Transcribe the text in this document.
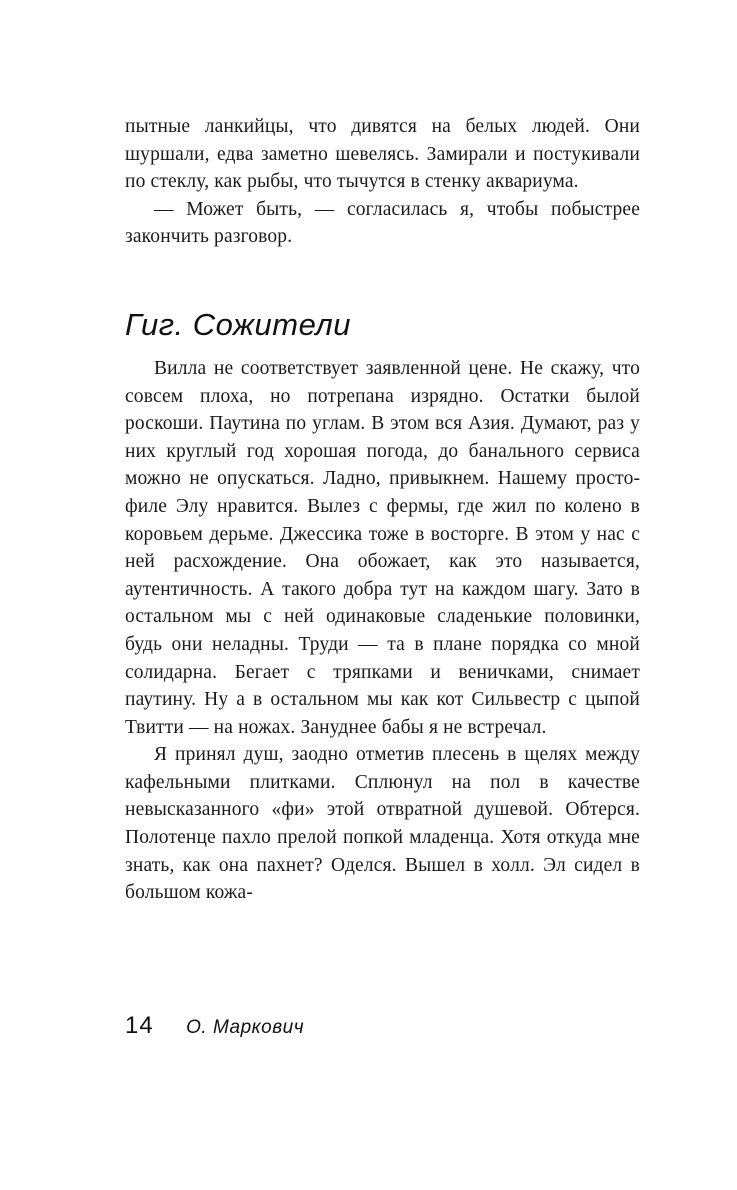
пытные ланкийцы, что дивятся на белых людей. Они шуршали, едва заметно шевелясь. Замирали и постукивали по стеклу, как рыбы, что тычутся в стенку аквариума.

— Может быть, — согласилась я, чтобы побыстрее закончить разговор.

Гиг. Сожители

Вилла не соответствует заявленной цене. Не скажу, что совсем плоха, но потрепана изрядно. Остатки былой роскоши. Паутина по углам. В этом вся Азия. Думают, раз у них круглый год хорошая погода, до банального сервиса можно не опускаться. Ладно, привыкнем. Нашему простофиле Элу нравится. Вылез с фермы, где жил по колено в коровьем дерьме. Джессика тоже в восторге. В этом у нас с ней расхождение. Она обожает, как это называется, аутентичность. А такого добра тут на каждом шагу. Зато в остальном мы с ней одинаковые сладенькие половинки, будь они неладны. Труди — та в плане порядка со мной солидарна. Бегает с тряпками и веничками, снимает паутину. Ну а в остальном мы как кот Сильвестр с цыпой Твитти — на ножах. Зануднее бабы я не встречал.

Я принял душ, заодно отметив плесень в щелях между кафельными плитками. Сплюнул на пол в качестве невысказанного «фи» этой отвратной душевой. Обтерся. Полотенце пахло прелой попкой младенца. Хотя откуда мне знать, как она пахнет? Оделся. Вышел в холл. Эл сидел в большом кожа-

14 О. Маркович
